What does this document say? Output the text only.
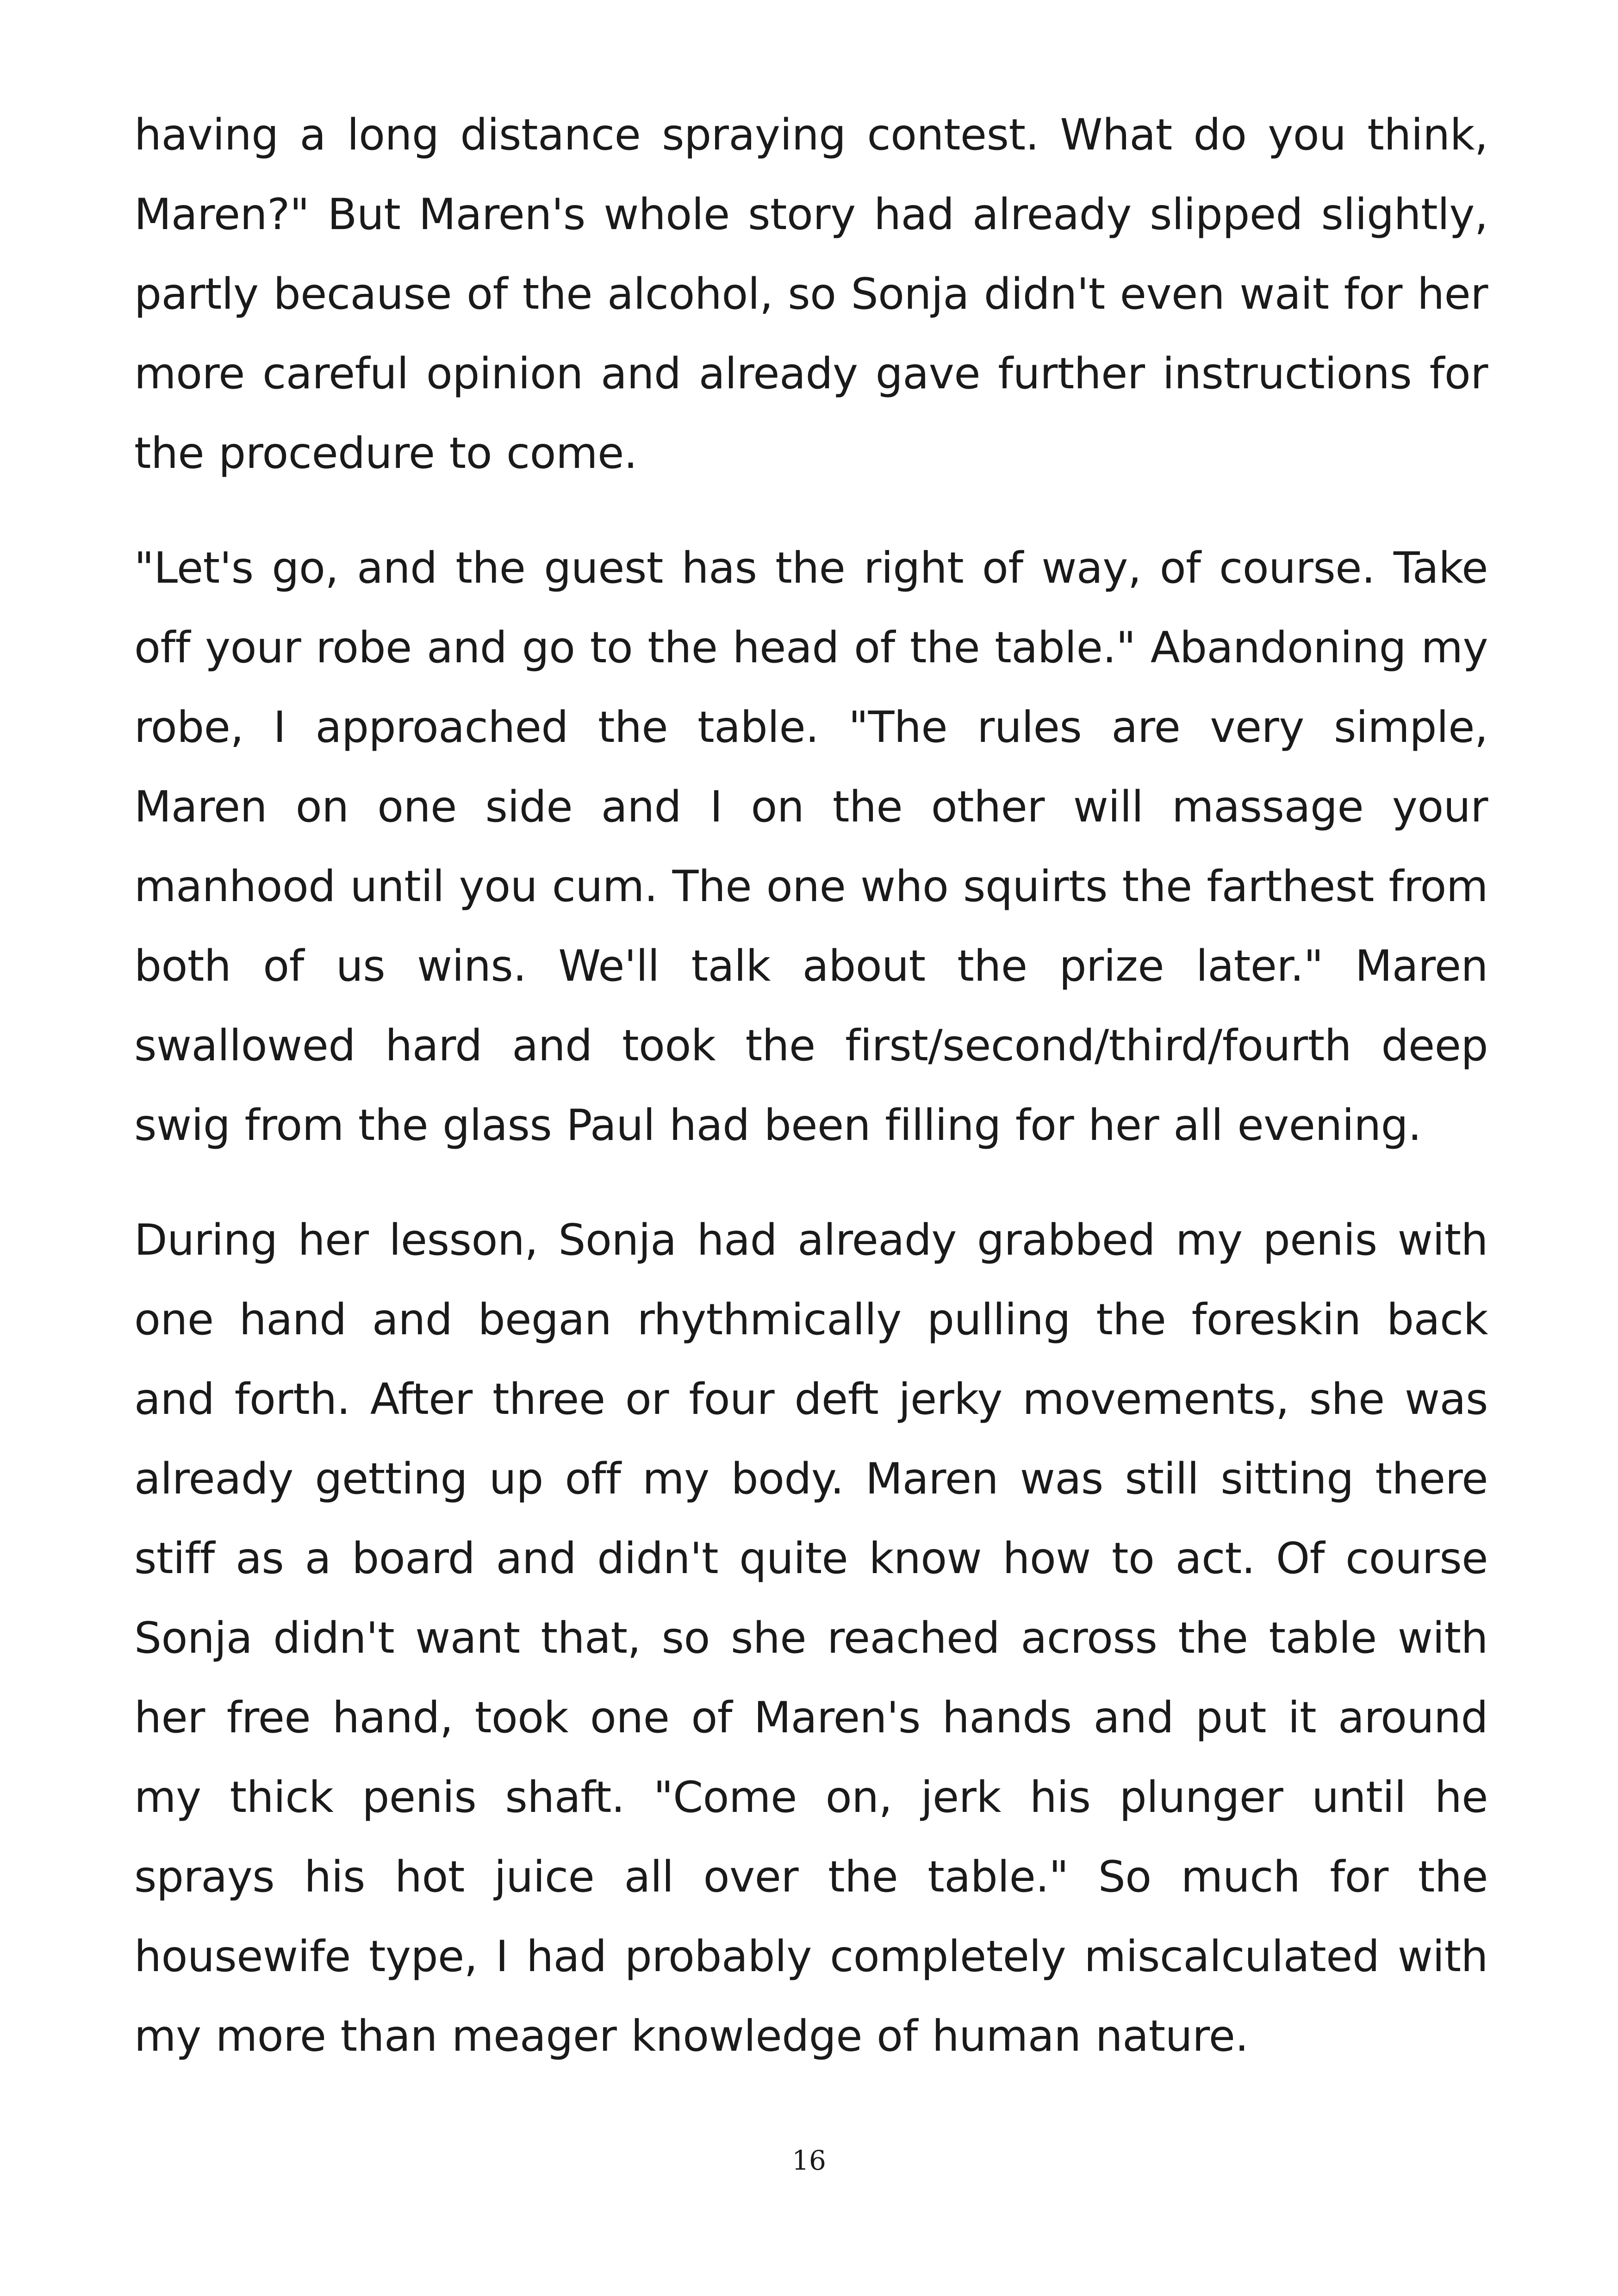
having a long distance spraying contest. What do you think, Maren?" But Maren's whole story had already slipped slightly, partly because of the alcohol, so Sonja didn't even wait for her more careful opinion and already gave further instructions for the procedure to come.

"Let's go, and the guest has the right of way, of course. Take off your robe and go to the head of the table." Abandoning my robe, I approached the table. "The rules are very simple, Maren on one side and I on the other will massage your manhood until you cum. The one who squirts the farthest from both of us wins. We'll talk about the prize later." Maren swallowed hard and took the first/second/third/fourth deep swig from the glass Paul had been filling for her all evening.

During her lesson, Sonja had already grabbed my penis with one hand and began rhythmically pulling the foreskin back and forth. After three or four deft jerky movements, she was already getting up off my body. Maren was still sitting there stiff as a board and didn't quite know how to act. Of course Sonja didn't want that, so she reached across the table with her free hand, took one of Maren's hands and put it around my thick penis shaft. "Come on, jerk his plunger until he sprays his hot juice all over the table." So much for the housewife type, I had probably completely miscalculated with my more than meager knowledge of human nature.

16
